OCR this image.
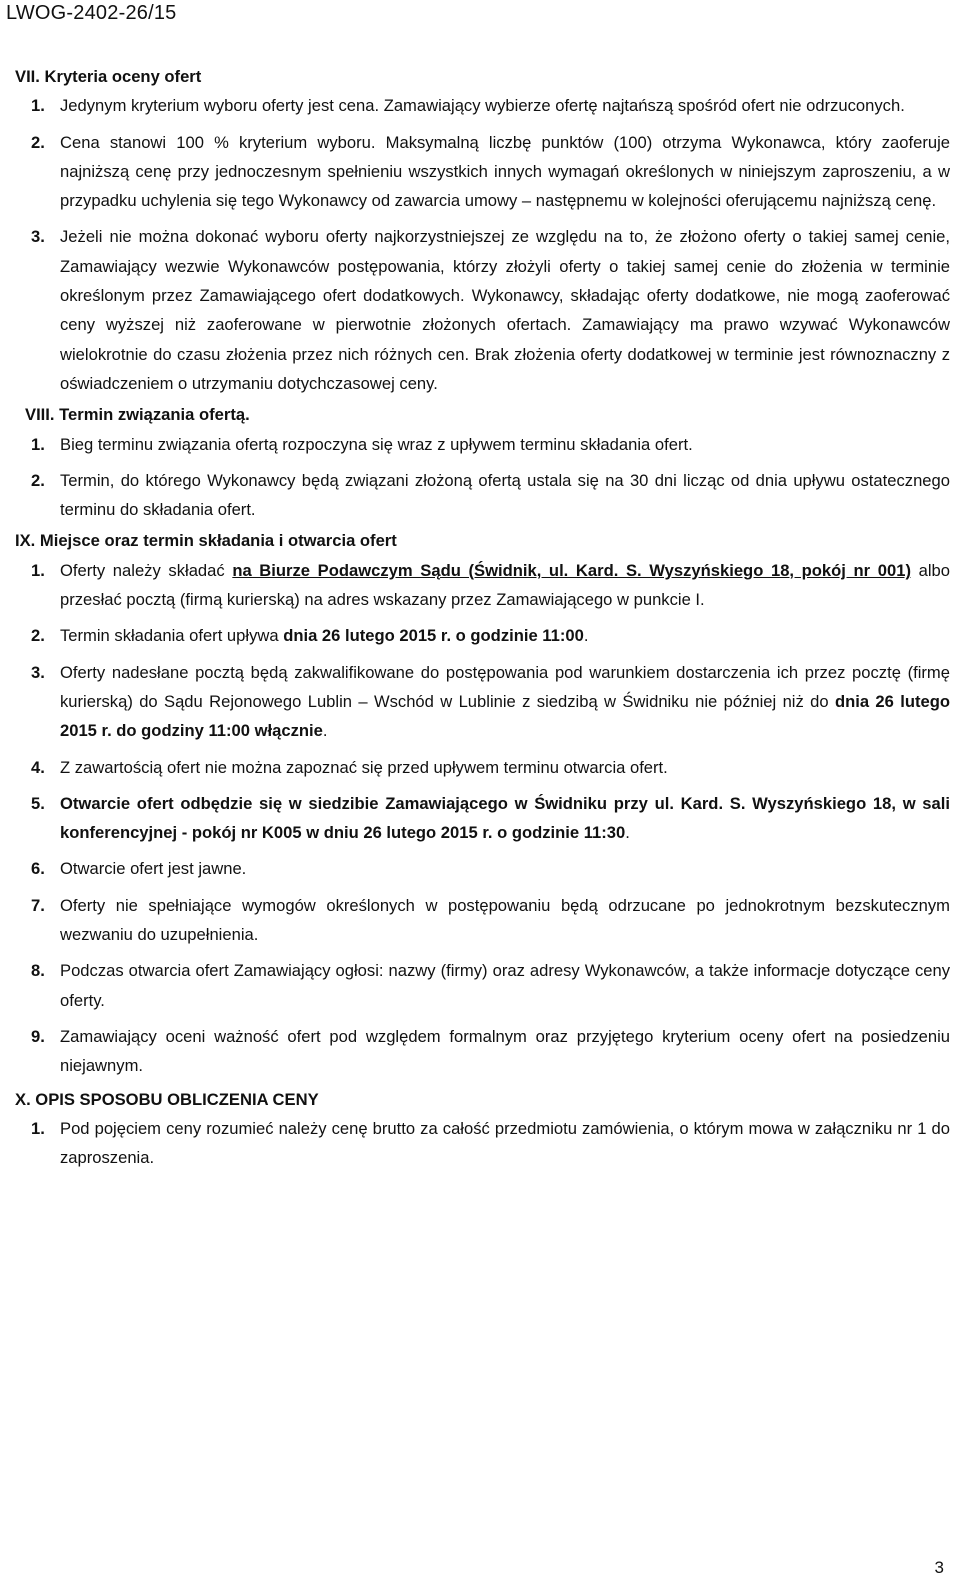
LWOG-2402-26/15
VII. Kryteria oceny ofert
1. Jedynym kryterium wyboru oferty jest cena. Zamawiający wybierze ofertę najtańszą spośród ofert nie odrzuconych.
2. Cena stanowi 100 % kryterium wyboru. Maksymalną liczbę punktów (100) otrzyma Wykonawca, który zaoferuje najniższą cenę przy jednoczesnym spełnieniu wszystkich innych wymagań określonych w niniejszym zaproszeniu, a w przypadku uchylenia się tego Wykonawcy od zawarcia umowy – następnemu w kolejności oferującemu najniższą cenę.
3. Jeżeli nie można dokonać wyboru oferty najkorzystniejszej ze względu na to, że złożono oferty o takiej samej cenie, Zamawiający wezwie Wykonawców postępowania, którzy złożyli oferty o takiej samej cenie do złożenia w terminie określonym przez Zamawiającego ofert dodatkowych. Wykonawcy, składając oferty dodatkowe, nie mogą zaoferować ceny wyższej niż zaoferowane w pierwotnie złożonych ofertach. Zamawiający ma prawo wzywać Wykonawców wielokrotnie do czasu złożenia przez nich różnych cen. Brak złożenia oferty dodatkowej w terminie jest równoznaczny z oświadczeniem o utrzymaniu dotychczasowej ceny.
VIII. Termin związania ofertą.
1. Bieg terminu związania ofertą rozpoczyna się wraz z upływem terminu składania ofert.
2. Termin, do którego Wykonawcy będą związani złożoną ofertą ustala się na 30 dni licząc od dnia upływu ostatecznego terminu do składania ofert.
IX. Miejsce oraz termin składania i otwarcia ofert
1. Oferty należy składać na Biurze Podawczym Sądu (Świdnik, ul. Kard. S. Wyszyńskiego 18, pokój nr 001) albo przesłać pocztą (firmą kurierską) na adres wskazany przez Zamawiającego w punkcie I.
2. Termin składania ofert upływa dnia 26 lutego 2015 r. o godzinie 11:00.
3. Oferty nadesłane pocztą będą zakwalifikowane do postępowania pod warunkiem dostarczenia ich przez pocztę (firmę kurierską) do Sądu Rejonowego Lublin – Wschód w Lublinie z siedzibą w Świdniku nie później niż do dnia 26 lutego 2015 r. do godziny 11:00 włącznie.
4. Z zawartością ofert nie można zapoznać się przed upływem terminu otwarcia ofert.
5. Otwarcie ofert odbędzie się w siedzibie Zamawiającego w Świdniku przy ul. Kard. S. Wyszyńskiego 18, w sali konferencyjnej - pokój nr K005 w dniu 26 lutego 2015 r. o godzinie 11:30.
6. Otwarcie ofert jest jawne.
7. Oferty nie spełniające wymogów określonych w postępowaniu będą odrzucane po jednokrotnym bezskutecznym wezwaniu do uzupełnienia.
8. Podczas otwarcia ofert Zamawiający ogłosi: nazwy (firmy) oraz adresy Wykonawców, a także informacje dotyczące ceny oferty.
9. Zamawiający oceni ważność ofert pod względem formalnym oraz przyjętego kryterium oceny ofert na posiedzeniu niejawnym.
X. OPIS SPOSOBU OBLICZENIA CENY
1. Pod pojęciem ceny rozumieć należy cenę brutto za całość przedmiotu zamówienia, o którym mowa w załączniku nr 1 do zaproszenia.
3
